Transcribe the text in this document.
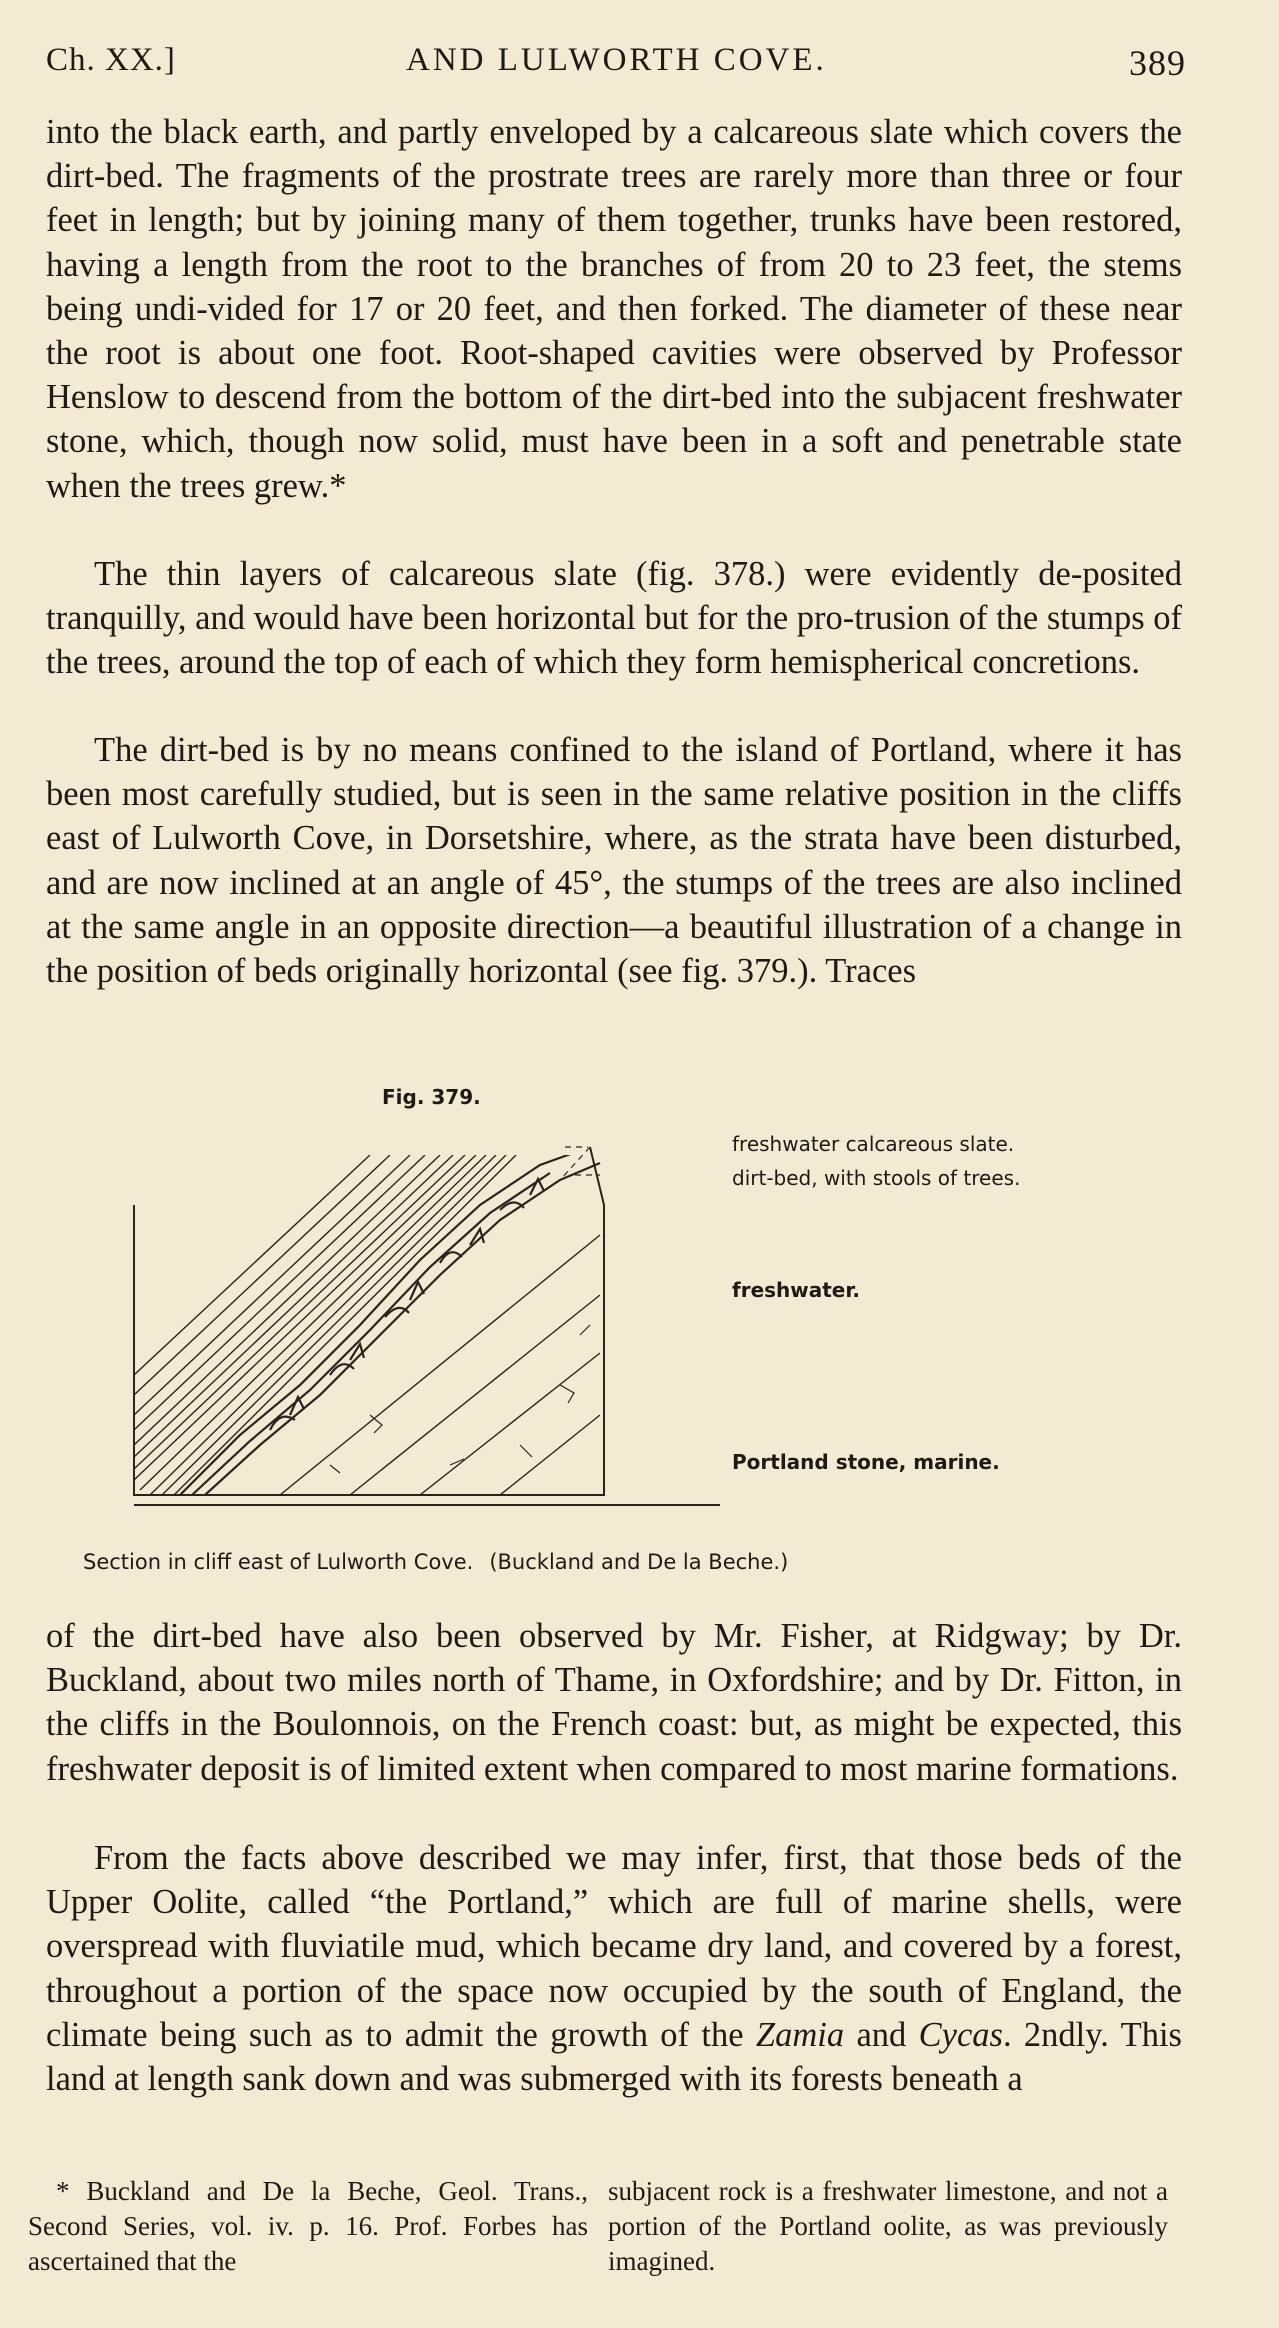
Ch. XX.]	AND LULWORTH COVE.	389

into the black earth, and partly enveloped by a calcareous slate which covers the dirt-bed. The fragments of the prostrate trees are rarely more than three or four feet in length; but by joining many of them together, trunks have been restored, having a length from the root to the branches of from 20 to 23 feet, the stems being undi-vided for 17 or 20 feet, and then forked. The diameter of these near the root is about one foot. Root-shaped cavities were observed by Professor Henslow to descend from the bottom of the dirt-bed into the subjacent freshwater stone, which, though now solid, must have been in a soft and penetrable state when the trees grew.*

The thin layers of calcareous slate (fig. 378.) were evidently de-posited tranquilly, and would have been horizontal but for the pro-trusion of the stumps of the trees, around the top of each of which they form hemispherical concretions.

The dirt-bed is by no means confined to the island of Portland, where it has been most carefully studied, but is seen in the same relative position in the cliffs east of Lulworth Cove, in Dorsetshire, where, as the strata have been disturbed, and are now inclined at an angle of 45°, the stumps of the trees are also inclined at the same angle in an opposite direction—a beautiful illustration of a change in the position of beds originally horizontal (see fig. 379.). Traces

Fig. 379.
freshwater calcareous slate.
dirt-bed, with stools of trees.
freshwater.
Portland stone, marine.
Section in cliff east of Lulworth Cove. (Buckland and De la Beche.)

of the dirt-bed have also been observed by Mr. Fisher, at Ridgway; by Dr. Buckland, about two miles north of Thame, in Oxfordshire; and by Dr. Fitton, in the cliffs in the Boulonnois, on the French coast: but, as might be expected, this freshwater deposit is of limited extent when compared to most marine formations.

From the facts above described we may infer, first, that those beds of the Upper Oolite, called “the Portland,” which are full of marine shells, were overspread with fluviatile mud, which became dry land, and covered by a forest, throughout a portion of the space now occupied by the south of England, the climate being such as to admit the growth of the Zamia and Cycas. 2ndly. This land at length sank down and was submerged with its forests beneath a

* Buckland and De la Beche, Geol. Trans., Second Series, vol. iv. p. 16. Prof. Forbes has ascertained that the
subjacent rock is a freshwater limestone, and not a portion of the Portland oolite, as was previously imagined.
